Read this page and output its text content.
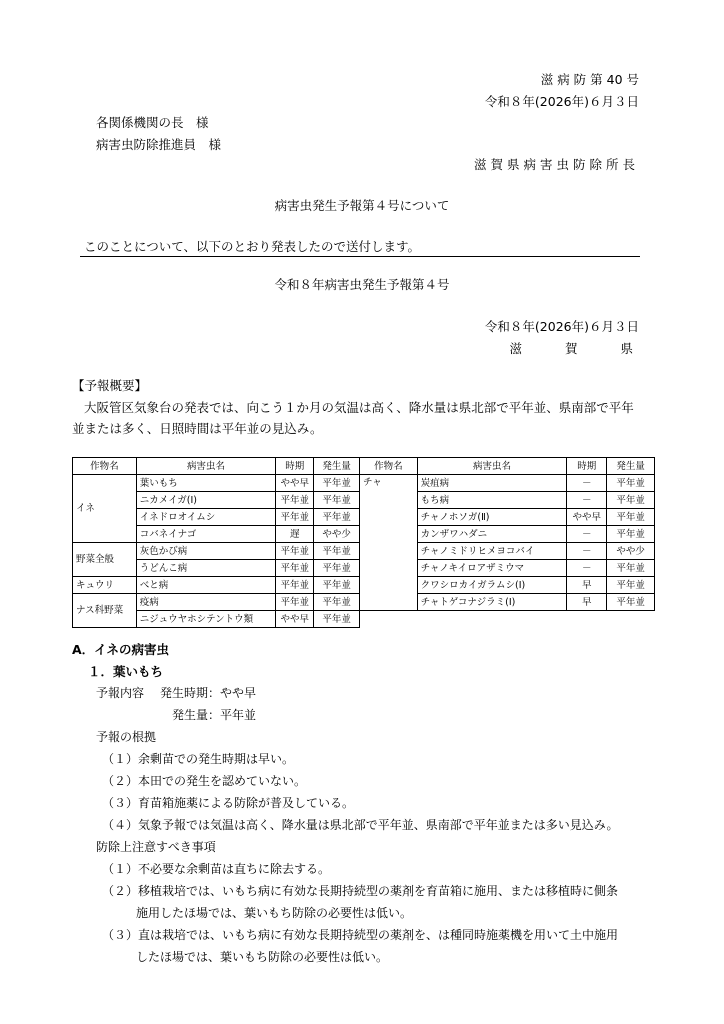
滋 病 防 第 40 号
令和８年(2026年)６月３日
各関係機関の長　様
病害虫防除推進員　様
滋賀県病害虫防除所長
病害虫発生予報第４号について
このことについて、以下のとおり発表したので送付します。
令和８年病害虫発生予報第４号
令和８年(2026年)６月３日
滋　　賀　　県
【予報概要】
大阪管区気象台の発表では、向こう１か月の気温は高く、降水量は県北部で平年並、県南部で平年
並または多く、日照時間は平年並の見込み。
作物名	病害虫名	時期	発生量
イネ	葉いもち	やや早	平年並
	ニカメイガ(Ⅰ)	平年並	平年並
	イネドロオイムシ	平年並	平年並
	コバネイナゴ	遅	やや少
野菜全般	灰色かび病	平年並	平年並
	うどんこ病	平年並	平年並
キュウリ	べと病	平年並	平年並
ナス科野菜	疫病	平年並	平年並
	ニジュウヤホシテントウ類	やや早	平年並
作物名	病害虫名	時期	発生量
チャ	炭疽病	－	平年並
	もち病	－	平年並
	チャノホソガ(Ⅱ)	やや早	平年並
	カンザワハダニ	－	平年並
	チャノミドリヒメヨコバイ	－	やや少
	チャノキイロアザミウマ	－	平年並
	クワシロカイガラムシ(Ⅰ)	早	平年並
	チャトゲコナジラミ(Ⅰ)	早	平年並
A．イネの病害虫
１．葉いもち
予報内容 発生時期：やや早
発生量：平年並
予報の根拠
（１）余剰苗での発生時期は早い。
（２）本田での発生を認めていない。
（３）育苗箱施薬による防除が普及している。
（４）気象予報では気温は高く、降水量は県北部で平年並、県南部で平年並または多い見込み。
防除上注意すべき事項
（１）不必要な余剰苗は直ちに除去する。
（２）移植栽培では、いもち病に有効な長期持続型の薬剤を育苗箱に施用、または移植時に側条
施用したほ場では、葉いもち防除の必要性は低い。
（３）直は栽培では、いもち病に有効な長期持続型の薬剤を、は種同時施薬機を用いて土中施用
したほ場では、葉いもち防除の必要性は低い。
